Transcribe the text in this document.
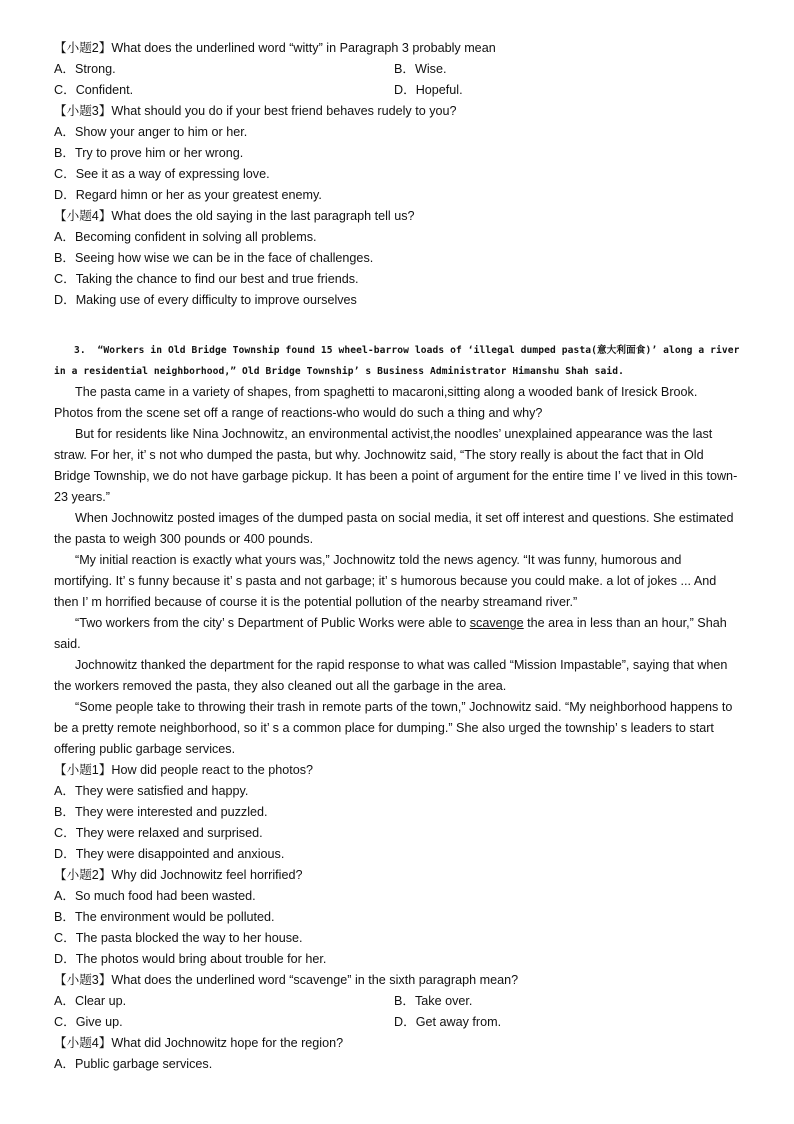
【小题2】What does the underlined word “witty” in Paragraph 3 probably mean
A．Strong.	B．Wise.
C．Confident.	D．Hopeful.
【小题3】What should you do if your best friend behaves rudely to you?
A．Show your anger to him or her.
B．Try to prove him or her wrong.
C．See it as a way of expressing love.
D．Regard himn or her as your greatest enemy.
【小题4】What does the old saying in the last paragraph tell us?
A．Becoming confident in solving all problems.
B．Seeing how wise we can be in the face of challenges.
C．Taking the chance to find our best and true friends.
D．Making use of every difficulty to improve ourselves
3. “Workers in Old Bridge Township found 15 wheel-barrow loads of ‘illegal dumped pasta(意大利面食)’ along a river in a residential neighborhood,” Old Bridge Township’ s Business Administrator Himanshu Shah said.
The pasta came in a variety of shapes, from spaghetti to macaroni,sitting along a wooded bank of Iresick Brook. Photos from the scene set off a range of reactions-who would do such a thing and why?
But for residents like Nina Jochnowitz, an environmental activist,the noodles’ unexplained appearance was the last straw. For her, it’ s not who dumped the pasta, but why. Jochnowitz said, “The story really is about the fact that in Old Bridge Township, we do not have garbage pickup. It has been a point of argument for the entire time I’ ve lived in this town-23 years.”
When Jochnowitz posted images of the dumped pasta on social media, it set off interest and questions. She estimated the pasta to weigh 300 pounds or 400 pounds.
“My initial reaction is exactly what yours was,” Jochnowitz told the news agency. “It was funny, humorous and mortifying. It’ s funny because it’ s pasta and not garbage; it’ s humorous because you could make. a lot of jokes ... And then I’ m horrified because of course it is the potential pollution of the nearby streamand river.”
“Two workers from the city’ s Department of Public Works were able to scavenge the area in less than an hour,” Shah said.
Jochnowitz thanked the department for the rapid response to what was called “Mission Impastable”, saying that when the workers removed the pasta, they also cleaned out all the garbage in the area.
“Some people take to throwing their trash in remote parts of the town,” Jochnowitz said. “My neighborhood happens to be a pretty remote neighborhood, so it’ s a common place for dumping.” She also urged the township’ s leaders to start offering public garbage services.
【小题1】How did people react to the photos?
A．They were satisfied and happy.
B．They were interested and puzzled.
C．They were relaxed and surprised.
D．They were disappointed and anxious.
【小题2】Why did Jochnowitz feel horrified?
A．So much food had been wasted.
B．The environment would be polluted.
C．The pasta blocked the way to her house.
D．The photos would bring about trouble for her.
【小题3】What does the underlined word “scavenge” in the sixth paragraph mean?
A．Clear up.	B．Take over.
C．Give up.	D．Get away from.
【小题4】What did Jochnowitz hope for the region?
A．Public garbage services.
